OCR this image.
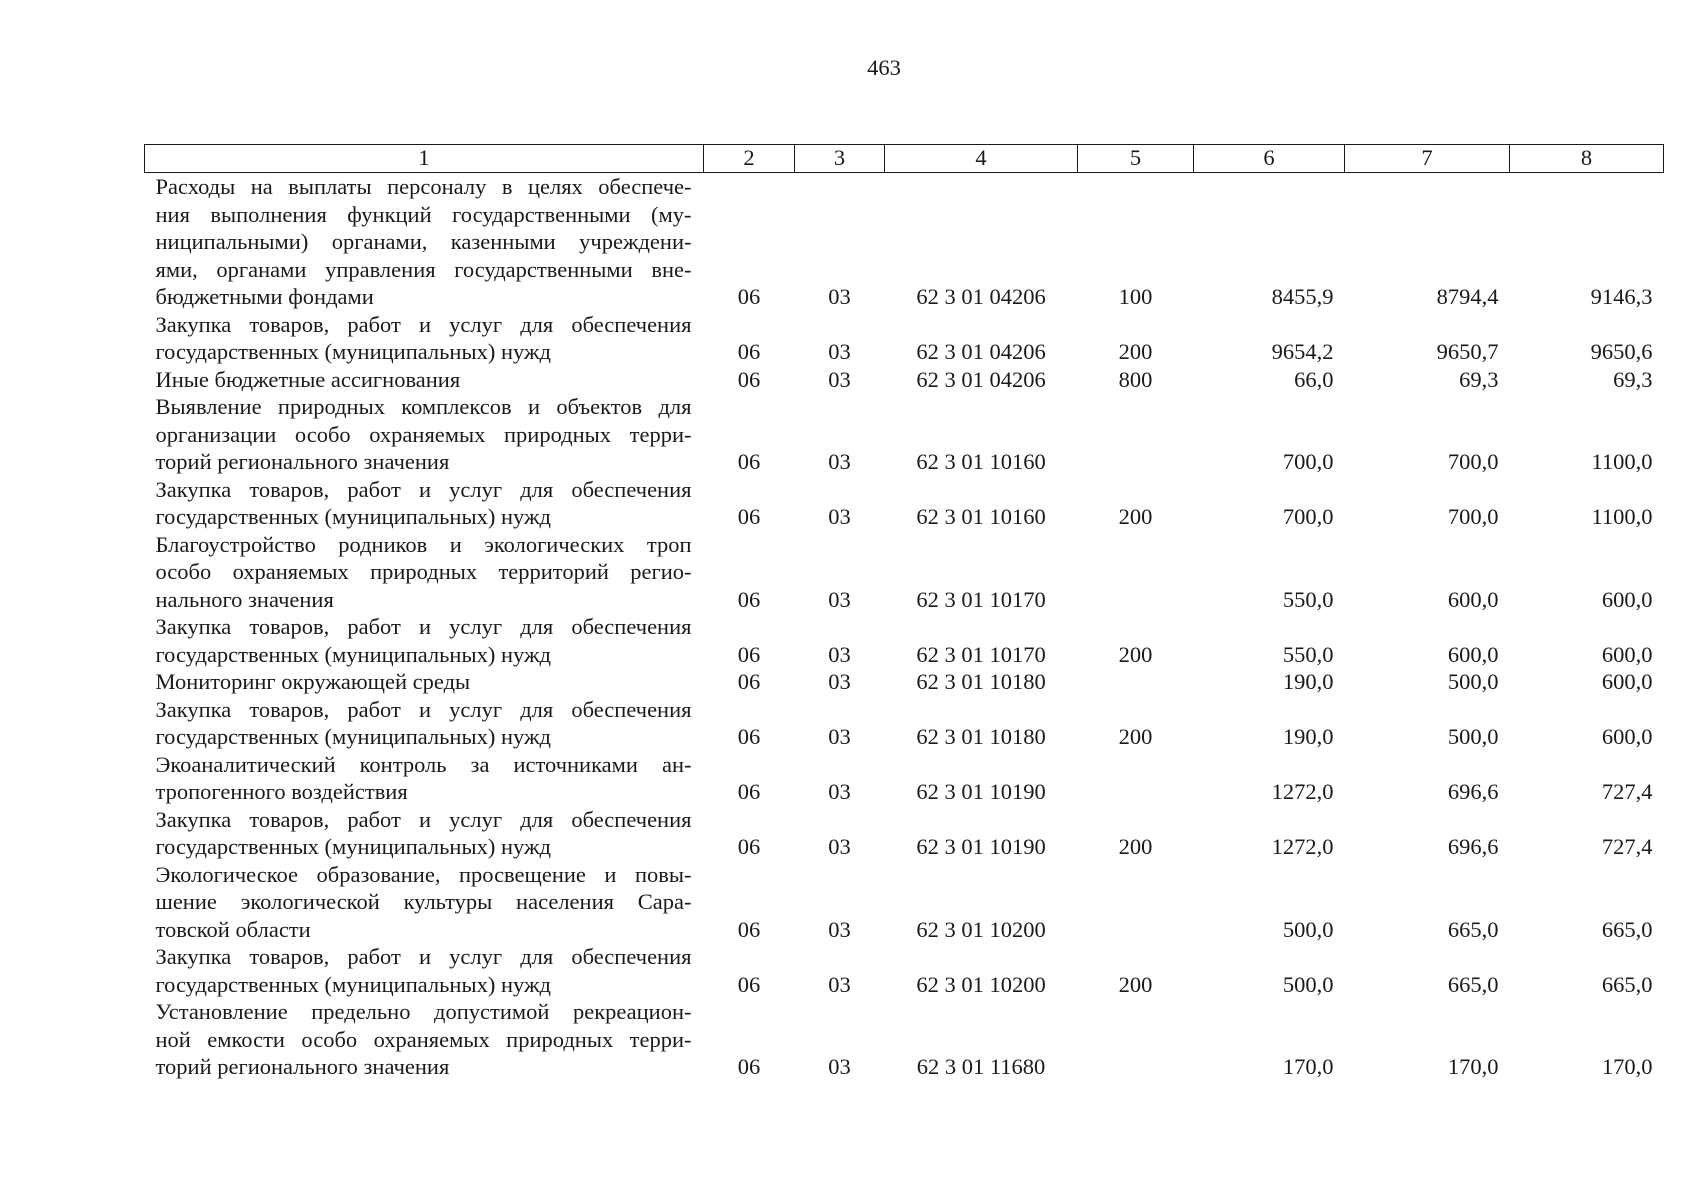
463
1	2	3	4	5	6	7	8

Расходы на выплаты персоналу в целях обеспече-
ния выполнения функций государственными (му-
ниципальными) органами, казенными учреждени-
ями, органами управления государственными вне-
бюджетными фондами	06	03	62 3 01 04206	100	8455,9	8794,4	9146,3

Закупка товаров, работ и услуг для обеспечения
государственных (муниципальных) нужд	06	03	62 3 01 04206	200	9654,2	9650,7	9650,6

Иные бюджетные ассигнования	06	03	62 3 01 04206	800	66,0	69,3	69,3

Выявление природных комплексов и объектов для
организации особо охраняемых природных терри-
торий регионального значения	06	03	62 3 01 10160		700,0	700,0	1100,0

Закупка товаров, работ и услуг для обеспечения
государственных (муниципальных) нужд	06	03	62 3 01 10160	200	700,0	700,0	1100,0

Благоустройство родников и экологических троп
особо охраняемых природных территорий регио-
нального значения	06	03	62 3 01 10170		550,0	600,0	600,0

Закупка товаров, работ и услуг для обеспечения
государственных (муниципальных) нужд	06	03	62 3 01 10170	200	550,0	600,0	600,0

Мониторинг окружающей среды	06	03	62 3 01 10180		190,0	500,0	600,0

Закупка товаров, работ и услуг для обеспечения
государственных (муниципальных) нужд	06	03	62 3 01 10180	200	190,0	500,0	600,0

Экоаналитический контроль за источниками ан-
тропогенного воздействия	06	03	62 3 01 10190		1272,0	696,6	727,4

Закупка товаров, работ и услуг для обеспечения
государственных (муниципальных) нужд	06	03	62 3 01 10190	200	1272,0	696,6	727,4

Экологическое образование, просвещение и повы-
шение экологической культуры населения Сара-
товской области	06	03	62 3 01 10200		500,0	665,0	665,0

Закупка товаров, работ и услуг для обеспечения
государственных (муниципальных) нужд	06	03	62 3 01 10200	200	500,0	665,0	665,0

Установление предельно допустимой рекреацион-
ной емкости особо охраняемых природных терри-
торий регионального значения	06	03	62 3 01 11680		170,0	170,0	170,0
